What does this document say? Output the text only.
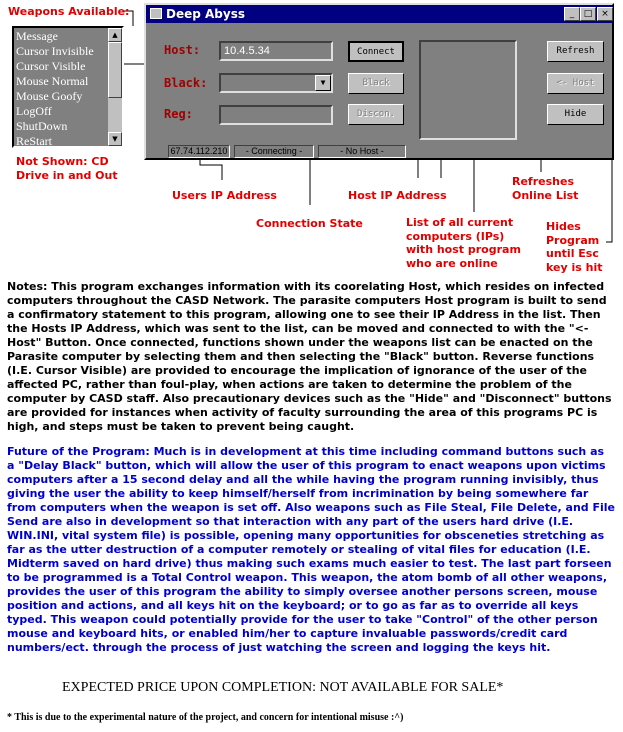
Weapons Available:
Message
Cursor Invisible
Cursor Visible
Mouse Normal
Mouse Goofy
LogOff
ShutDown
ReStart
▲
▼
Not Shown: CD Drive in and Out
Deep Abyss	_	□ ×
Host:
Black:
Reg:
10.4.5.34
▼
Connect
Black
Discon.
Refresh
<- Host
Hide
67.74.112.210	- Connecting -	- No Host -
Users IP Address	Host IP Address
Refreshes Online List
Connection State	List of all current computers (IPs) with host program who are online
Hides Program until Esc key is hit

Notes: This program exchanges information with its coorelating Host, which resides on infected computers throughout the CASD Network. The parasite computers Host program is built to send a confirmatory statement to this program, allowing one to see their IP Address in the list. Then the Hosts IP Address, which was sent to the list, can be moved and connected to with the "<-Host" Button. Once connected, functions shown under the weapons list can be enacted on the Parasite computer by selecting them and then selecting the "Black" button. Reverse functions (I.E. Cursor Visible) are provided to encourage the implication of ignorance of the user of the affected PC, rather than foul-play, when actions are taken to determine the problem of the computer by CASD staff. Also precautionary devices such as the "Hide" and "Disconnect" buttons are provided for instances when activity of faculty surrounding the area of this programs PC is high, and steps must be taken to prevent being caught.

Future of the Program: Much is in development at this time including command buttons such as a "Delay Black" button, which will allow the user of this program to enact weapons upon victims computers after a 15 second delay and all the while having the program running invisibly, thus giving the user the ability to keep himself/herself from incrimination by being somewhere far from computers when the weapon is set off. Also weapons such as File Steal, File Delete, and File Send are also in development so that interaction with any part of the users hard drive (I.E. WIN.INI, vital system file) is possible, opening many opportunities for obsceneties stretching as far as the utter destruction of a computer remotely or stealing of vital files for education (I.E. Midterm saved on hard drive) thus making such exams much easier to test. The last part forseen to be programmed is a Total Control weapon. This weapon, the atom bomb of all other weapons, provides the user of this program the ability to simply oversee another persons screen, mouse position and actions, and all keys hit on the keyboard; or to go as far as to override all keys typed. This weapon could potentially provide for the user to take "Control" of the other person mouse and keyboard hits, or enabled him/her to capture invaluable passwords/credit card numbers/ect. through the process of just watching the screen and logging the keys hit.

EXPECTED PRICE UPON COMPLETION: NOT AVAILABLE FOR SALE*
* This is due to the experimental nature of the project, and concern for intentional misuse :^)
